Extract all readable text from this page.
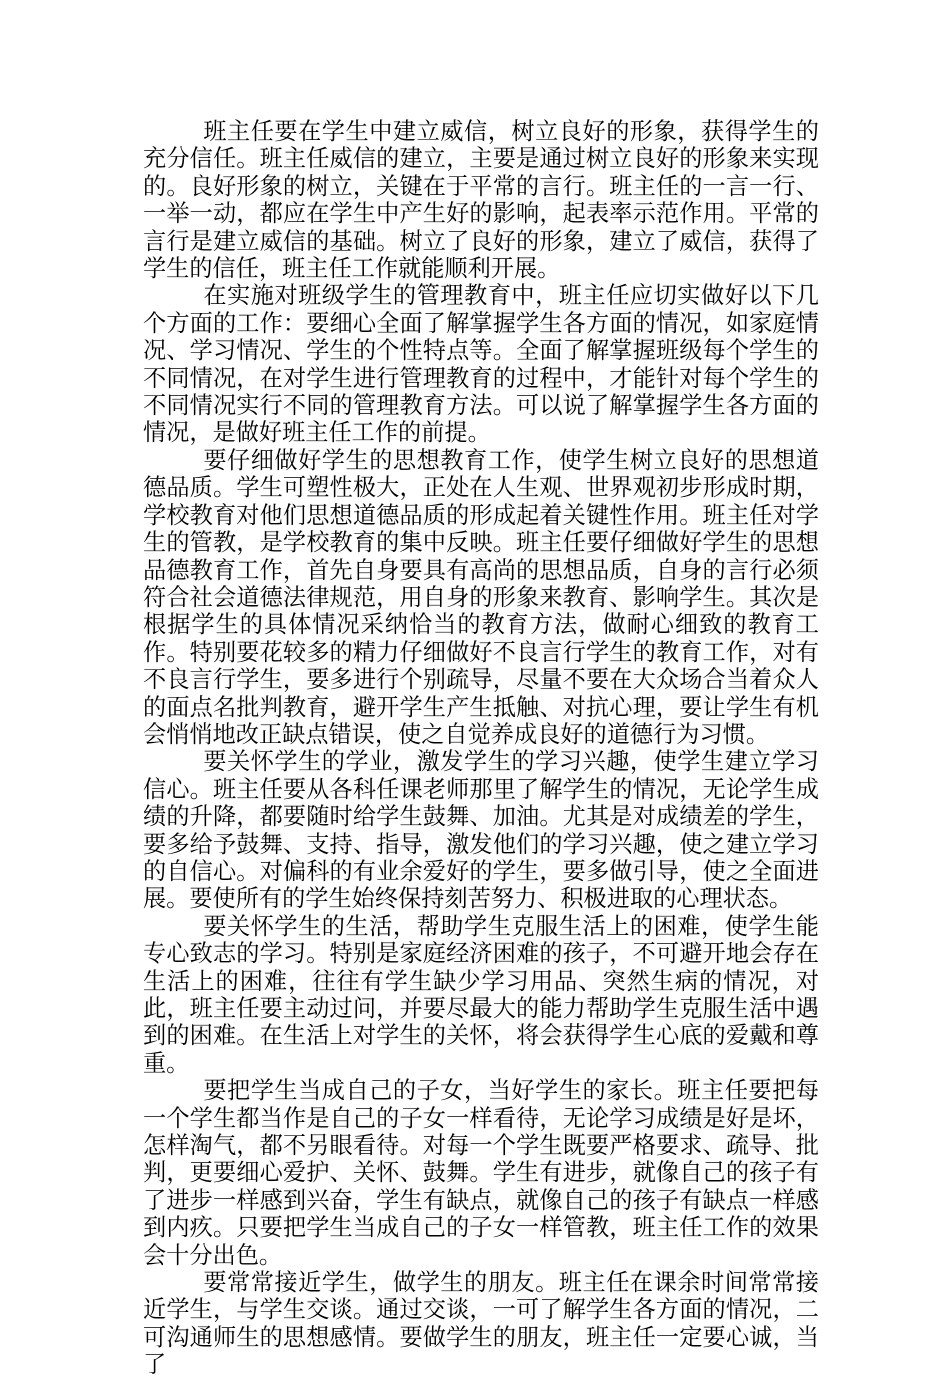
班主任要在学生中建立威信，树立良好的形象，获得学生的充分信任。班主任威信的建立，主要是通过树立良好的形象来实现的。良好形象的树立，关键在于平常的言行。班主任的一言一行、一举一动，都应在学生中产生好的影响，起表率示范作用。平常的言行是建立威信的基础。树立了良好的形象，建立了威信，获得了学生的信任，班主任工作就能顺利开展。

在实施对班级学生的管理教育中，班主任应切实做好以下几个方面的工作：要细心全面了解掌握学生各方面的情况，如家庭情况、学习情况、学生的个性特点等。全面了解掌握班级每个学生的不同情况，在对学生进行管理教育的过程中，才能针对每个学生的不同情况实行不同的管理教育方法。可以说了解掌握学生各方面的情况，是做好班主任工作的前提。

要仔细做好学生的思想教育工作，使学生树立良好的思想道德品质。学生可塑性极大，正处在人生观、世界观初步形成时期，学校教育对他们思想道德品质的形成起着关键性作用。班主任对学生的管教，是学校教育的集中反映。班主任要仔细做好学生的思想品德教育工作，首先自身要具有高尚的思想品质，自身的言行必须符合社会道德法律规范，用自身的形象来教育、影响学生。其次是根据学生的具体情况采纳恰当的教育方法，做耐心细致的教育工作。特别要花较多的精力仔细做好不良言行学生的教育工作，对有不良言行学生，要多进行个别疏导，尽量不要在大众场合当着众人的面点名批判教育，避开学生产生抵触、对抗心理，要让学生有机会悄悄地改正缺点错误，使之自觉养成良好的道德行为习惯。

要关怀学生的学业，激发学生的学习兴趣，使学生建立学习信心。班主任要从各科任课老师那里了解学生的情况，无论学生成绩的升降，都要随时给学生鼓舞、加油。尤其是对成绩差的学生，要多给予鼓舞、支持、指导，激发他们的学习兴趣，使之建立学习的自信心。对偏科的有业余爱好的学生，要多做引导，使之全面进展。要使所有的学生始终保持刻苦努力、积极进取的心理状态。

要关怀学生的生活，帮助学生克服生活上的困难，使学生能专心致志的学习。特别是家庭经济困难的孩子，不可避开地会存在生活上的困难，往往有学生缺少学习用品、突然生病的情况，对此，班主任要主动过问，并要尽最大的能力帮助学生克服生活中遇到的困难。在生活上对学生的关怀，将会获得学生心底的爱戴和尊重。

要把学生当成自己的子女，当好学生的家长。班主任要把每一个学生都当作是自己的子女一样看待，无论学习成绩是好是坏，怎样淘气，都不另眼看待。对每一个学生既要严格要求、疏导、批判，更要细心爱护、关怀、鼓舞。学生有进步，就像自己的孩子有了进步一样感到兴奋，学生有缺点，就像自己的孩子有缺点一样感到内疚。只要把学生当成自己的子女一样管教，班主任工作的效果会十分出色。

要常常接近学生，做学生的朋友。班主任在课余时间常常接近学生，与学生交谈。通过交谈，一可了解学生各方面的情况，二可沟通师生的思想感情。要做学生的朋友，班主任一定要心诚，当了
